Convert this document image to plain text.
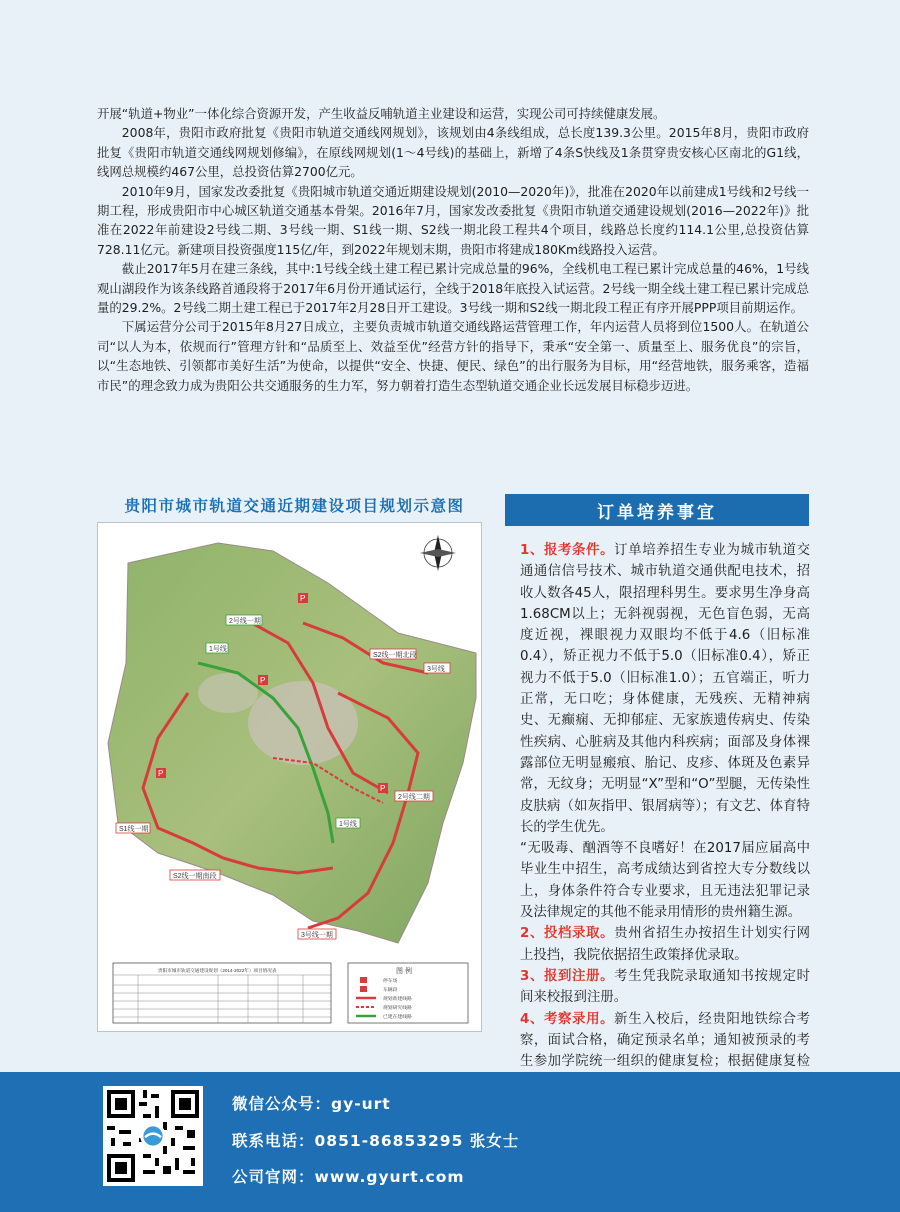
开展“轨道+物业”一体化综合资源开发，产生收益反哺轨道主业建设和运营，实现公司可持续健康发展。

2008年，贵阳市政府批复《贵阳市轨道交通线网规划》，该规划由4条线组成，总长度139.3公里。2015年8月，贵阳市政府批复《贵阳市轨道交通线网规划修编》，在原线网规划(1～4号线)的基础上，新增了4条S快线及1条贯穿贵安核心区南北的G1线，线网总规模约467公里，总投资估算2700亿元。

2010年9月，国家发改委批复《贵阳城市轨道交通近期建设规划(2010—2020年)》，批准在2020年以前建成1号线和2号线一期工程，形成贵阳市中心城区轨道交通基本骨架。2016年7月，国家发改委批复《贵阳市轨道交通建设规划(2016—2022年)》批准在2022年前建设2号线二期、3号线一期、S1线一期、S2线一期北段工程共4个项目，线路总长度约114.1公里,总投资估算728.11亿元。新建项目投资强度115亿/年，到2022年规划末期，贵阳市将建成180Km线路投入运营。

截止2017年5月在建三条线，其中:1号线全线土建工程已累计完成总量的96%，全线机电工程已累计完成总量的46%，1号线观山湖段作为该条线路首通段将于2017年6月份开通试运行，全线于2018年底投入试运营。2号线一期全线土建工程已累计完成总量的29.2%。2号线二期土建工程已于2017年2月28日开工建设。3号线一期和S2线一期北段工程正有序开展PPP项目前期运作。

下属运营分公司于2015年8月27日成立，主要负责城市轨道交通线路运营管理工作，年内运营人员将到位1500人。在轨道公司“以人为本，依规而行”管理方针和“品质至上、效益至优”经营方针的指导下，秉承“安全第一、质量至上、服务优良”的宗旨，以“生态地铁、引领都市美好生活”为使命，以提供“安全、快捷、便民、绿色”的出行服务为目标，用“经营地铁，服务乘客，造福市民”的理念致力成为贵阳公共交通服务的生力军，努力朝着打造生态型轨道交通企业长远发展目标稳步迈进。

贵阳市城市轨道交通近期建设项目规划示意图
1号线
2号线一期
S2线一期北段
3号线
2号线二期
S1线一期
1号线
S2线一期南段
3号线一期
P
P
P
P
贵阳市城市轨道交通建设规划（2014-2022年）项目情况表	图 例
停车场
车辆段
规划新建线路
规划研究线路
已建在建线路
订单培养事宜

1、报考条件。订单培养招生专业为城市轨道交通通信信号技术、城市轨道交通供配电技术，招收人数各45人，限招理科男生。要求男生净身高1.68CM以上；无斜视弱视，无色盲色弱，无高度近视，裸眼视力双眼均不低于4.6（旧标准0.4），矫正视力不低于5.0（旧标准0.4），矫正视力不低于5.0（旧标准1.0）；五官端正，听力正常，无口吃；身体健康，无残疾、无精神病史、无癫痫、无抑郁症、无家族遗传病史、传染性疾病、心脏病及其他内科疾病；面部及身体裸露部位无明显瘢痕、胎记、皮疹、体斑及色素异常，无纹身；无明显“X”型和“O”型腿，无传染性皮肤病（如灰指甲、银屑病等）；有文艺、体育特长的学生优先。

“无吸毒、酗酒等不良嗜好！在2017届应届高中毕业生中招生，高考成绩达到省控大专分数线以上，身体条件符合专业要求，且无违法犯罪记录及法律规定的其他不能录用情形的贵州籍生源。

2、投档录取。贵州省招生办按招生计划实行网上投挡，我院依据招生政策择优录取。

3、报到注册。考生凭我院录取通知书按规定时间来校报到注册。

4、考察录用。新生入校后，经贵阳地铁综合考察，面试合格，确定预录名单；通知被预录的考生参加学院统一组织的健康复检；根据健康复检

微信公众号：gy-urt
联系电话：0851-86853295 张女士
公司官网：www.gyurt.com
